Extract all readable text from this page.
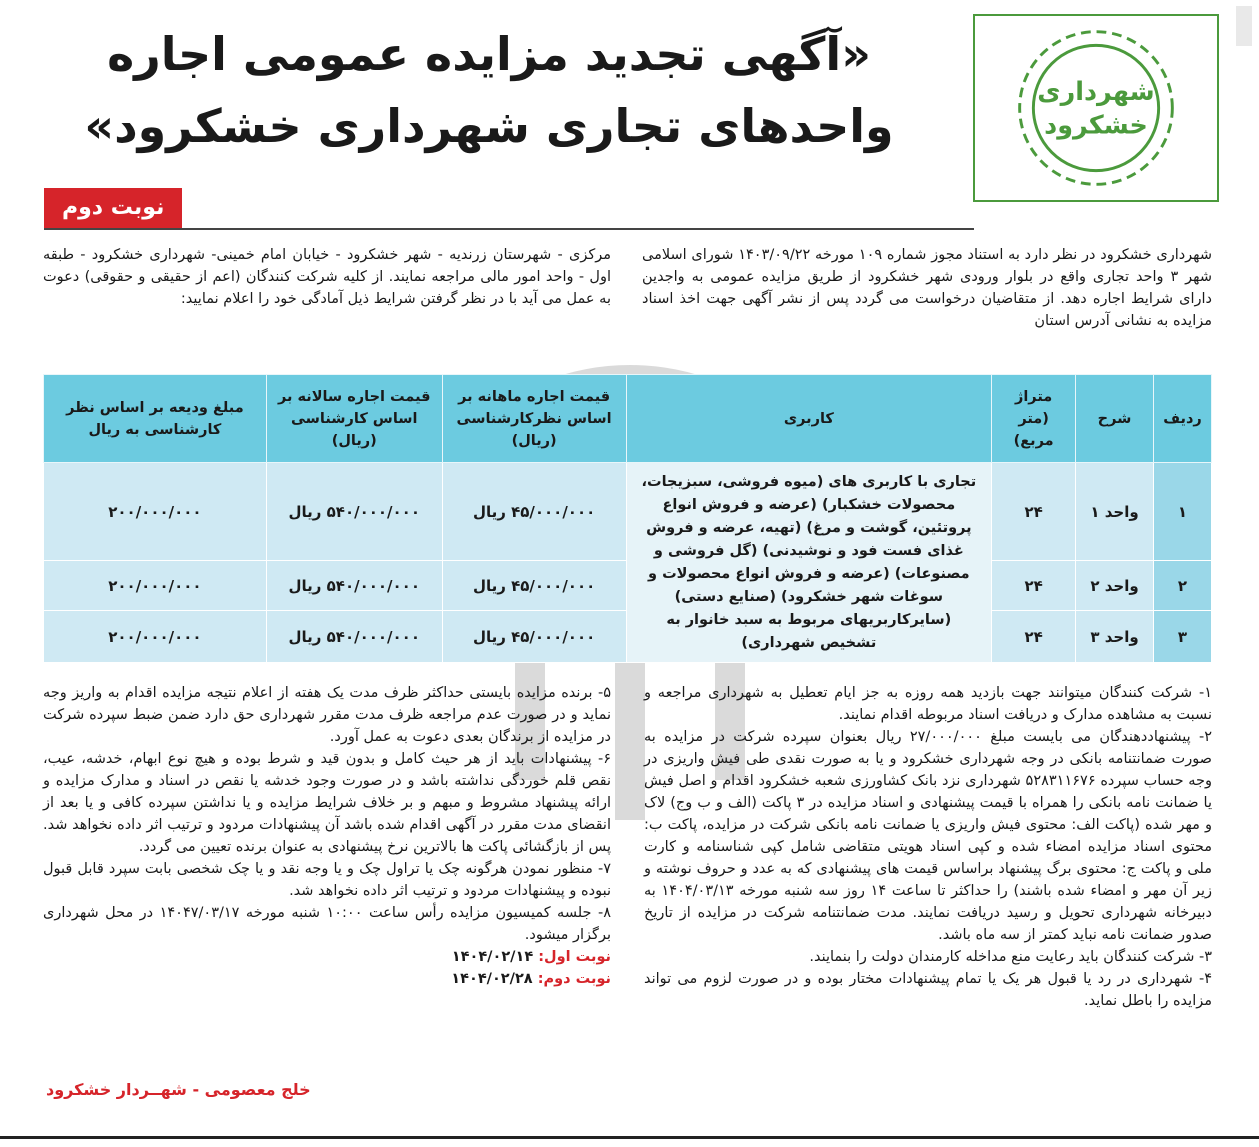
شهرداری
خشکرود
«آگهی تجدید مزایده عمومی اجاره
واحدهای تجاری شهرداری خشکرود»
نوبت دوم
شهرداری خشکرود در نظر دارد به استناد مجوز شماره ۱۰۹ مورخه ۱۴۰۳/۰۹/۲۲ شورای اسلامی شهر ۳ واحد تجاری واقع در بلوار ورودی شهر خشکرود از طریق مزایده عمومی به واجدین دارای شرایط اجاره دهد. از متقاضیان درخواست می گردد پس از نشر آگهی جهت اخذ اسناد مزایده به نشانی آدرس استان
مرکزی - شهرستان زرندیه - شهر خشکرود - خیابان امام خمینی- شهرداری خشکرود - طبقه اول - واحد امور مالی مراجعه نمایند. از کلیه شرکت کنندگان (اعم از حقیقی و حقوقی) دعوت به عمل می آید با در نظر گرفتن شرایط ذیل آمادگی خود را اعلام نمایید:
ردیف	شرح	متراژ (متر مربع)	کاربری	قیمت اجاره ماهانه بر اساس نظرکارشناسی (ریال)	قیمت اجاره سالانه بر اساس کارشناسی (ریال)	مبلغ ودیعه بر اساس نظر کارشناسی به ریال
۱	واحد ۱	۲۴	تجاری با کاربری های (میوه فروشی، سبزیجات، محصولات خشکبار) (عرضه و فروش انواع پروتئین، گوشت و مرغ) (تهیه، عرضه و فروش غذای فست فود و نوشیدنی) (گل فروشی و مصنوعات) (عرضه و فروش انواع محصولات و سوغات شهر خشکرود) (صنایع دستی) (سایرکاربریهای مربوط به سبد خانوار به تشخیص شهرداری)	۴۵/۰۰۰/۰۰۰ ریال	۵۴۰/۰۰۰/۰۰۰ ریال	۲۰۰/۰۰۰/۰۰۰
۲	واحد ۲	۲۴		۴۵/۰۰۰/۰۰۰ ریال	۵۴۰/۰۰۰/۰۰۰ ریال	۲۰۰/۰۰۰/۰۰۰
۳	واحد ۳	۲۴		۴۵/۰۰۰/۰۰۰ ریال	۵۴۰/۰۰۰/۰۰۰ ریال	۲۰۰/۰۰۰/۰۰۰

۱- شرکت کنندگان میتوانند جهت بازدید همه روزه به جز ایام تعطیل به شهرداری مراجعه و نسبت به مشاهده مدارک و دریافت اسناد مربوطه اقدام نمایند.

۲- پیشنهاددهندگان می بایست مبلغ ۲۷/۰۰۰/۰۰۰ ریال بعنوان سپرده شرکت در مزایده به صورت ضمانتنامه بانکی در وجه شهرداری خشکرود و یا به صورت نقدی طی فیش واریزی در وجه حساب سپرده ۵۲۸۳۱۱۶۷۶ شهرداری نزد بانک کشاورزی شعبه خشکرود اقدام و اصل فیش یا ضمانت نامه بانکی را همراه با قیمت پیشنهادی و اسناد مزایده در ۳ پاکت (الف و ب وج) لاک و مهر شده (پاکت الف: محتوی فیش واریزی یا ضمانت نامه بانکی شرکت در مزایده، پاکت ب: محتوی اسناد مزایده امضاء شده و کپی اسناد هویتی متقاضی شامل کپی شناسنامه و کارت ملی و پاکت ج: محتوی برگ پیشنهاد براساس قیمت های پیشنهادی که به عدد و حروف نوشته و زیر آن مهر و امضاء شده باشند) را حداکثر تا ساعت ۱۴ روز سه شنبه مورخه ۱۴۰۴/۰۳/۱۳ به دبیرخانه شهرداری تحویل و رسید دریافت نمایند. مدت ضمانتنامه شرکت در مزایده از تاریخ صدور ضمانت نامه نباید کمتر از سه ماه باشد.

۳- شرکت کنندگان باید رعایت منع مداخله کارمندان دولت را بنمایند.

۴- شهرداری در رد یا قبول هر یک یا تمام پیشنهادات مختار بوده و در صورت لزوم می تواند مزایده را باطل نماید.

۵- برنده مزایده بایستی حداکثر ظرف مدت یک هفته از اعلام نتیجه مزایده اقدام به واریز وجه نماید و در صورت عدم مراجعه ظرف مدت مقرر شهرداری حق دارد ضمن ضبط سپرده شرکت در مزایده از برندگان بعدی دعوت به عمل آورد.

۶- پیشنهادات باید از هر حیث کامل و بدون قید و شرط بوده و هیچ نوع ابهام، خدشه، عیب، نقص قلم خوردگی نداشته باشد و در صورت وجود خدشه یا نقص در اسناد و مدارک مزایده و ارائه پیشنهاد مشروط و مبهم و بر خلاف شرایط مزایده و یا نداشتن سپرده کافی و یا بعد از انقضای مدت مقرر در آگهی اقدام شده باشد آن پیشنهادات مردود و ترتیب اثر داده نخواهد شد. پس از بازگشائی پاکت ها بالاترین نرخ پیشنهادی به عنوان برنده تعیین می گردد.

۷- منظور نمودن هرگونه چک یا تراول چک و یا وجه نقد و یا چک شخصی بابت سپرد قابل قبول نبوده و پیشنهادات مردود و ترتیب اثر داده نخواهد شد.

۸- جلسه کمیسیون مزایده رأس ساعت ۱۰:۰۰ شنبه مورخه ۱۴۰۴۷/۰۳/۱۷ در محل شهرداری برگزار میشود.

نوبت اول: ۱۴۰۴/۰۲/۱۴

نوبت دوم: ۱۴۰۴/۰۲/۲۸

خلج معصومی - شهــردار خشکرود
